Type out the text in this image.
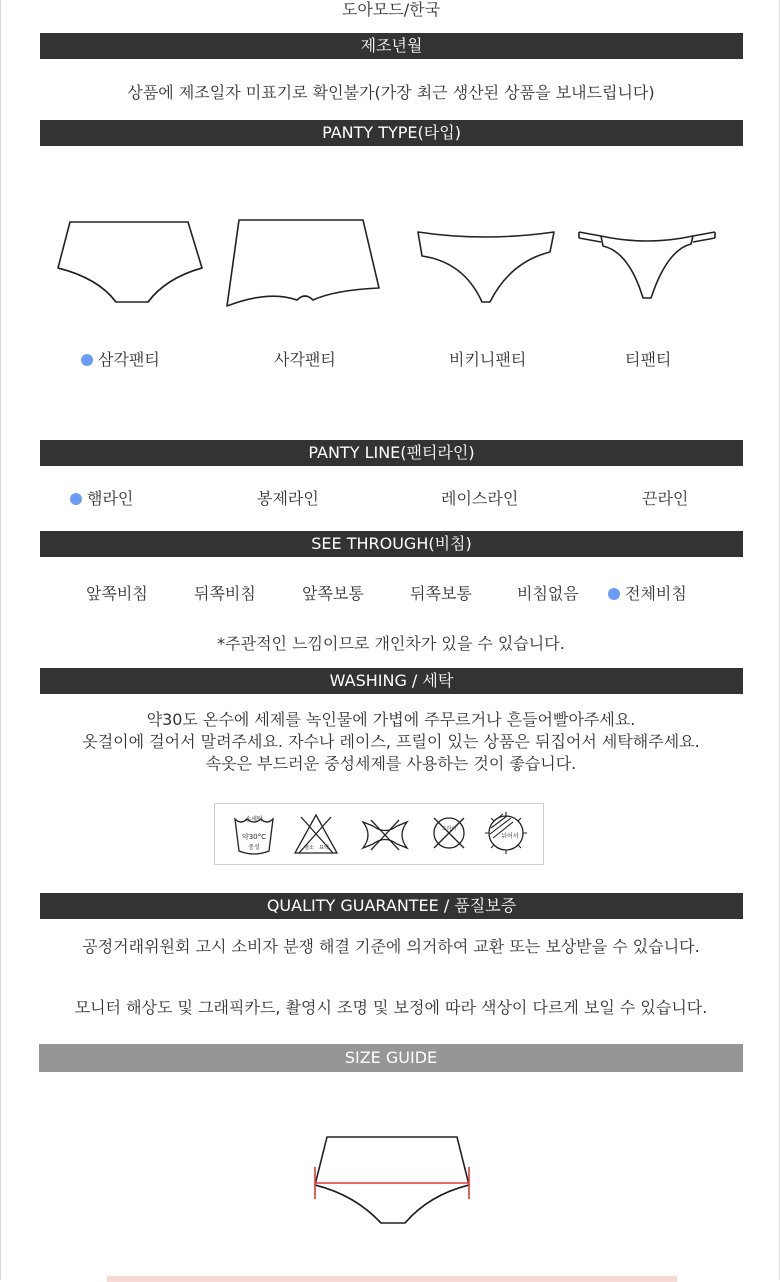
도아모드/한국
제조년월
상품에 제조일자 미표기로 확인불가(가장 최근 생산된 상품을 보내드립니다)
PANTY TYPE(타입)
삼각팬티	사각팬티	비키니팬티	티팬티
PANTY LINE(팬티라인)
햄라인	봉제라인	레이스라인	끈라인
SEE THROUGH(비침)
앞쪽비침	뒤쪽비침	앞쪽보통	뒤쪽보통	비침없음	전체비침
*주관적인 느낌이므로 개인차가 있을 수 있습니다.
WASHING / 세탁
약30도 온수에 세제를 녹인물에 가볍에 주무르거나 흔들어빨아주세요.
옷걸이에 걸어서 말려주세요. 자수나 레이스, 프릴이 있는 상품은 뒤집어서 세탁해주세요.
속옷은 부드러운 중성세제를 사용하는 것이 좋습니다.
손세탁
약30°C
중성	염소 표백
드라이
뉘어서
QUALITY GUARANTEE / 품질보증
공정거래위원회 고시 소비자 분쟁 해결 기준에 의거하여 교환 또는 보상받을 수 있습니다.
모니터 해상도 및 그래픽카드, 촬영시 조명 및 보정에 따라 색상이 다르게 보일 수 있습니다.
SIZE GUIDE
